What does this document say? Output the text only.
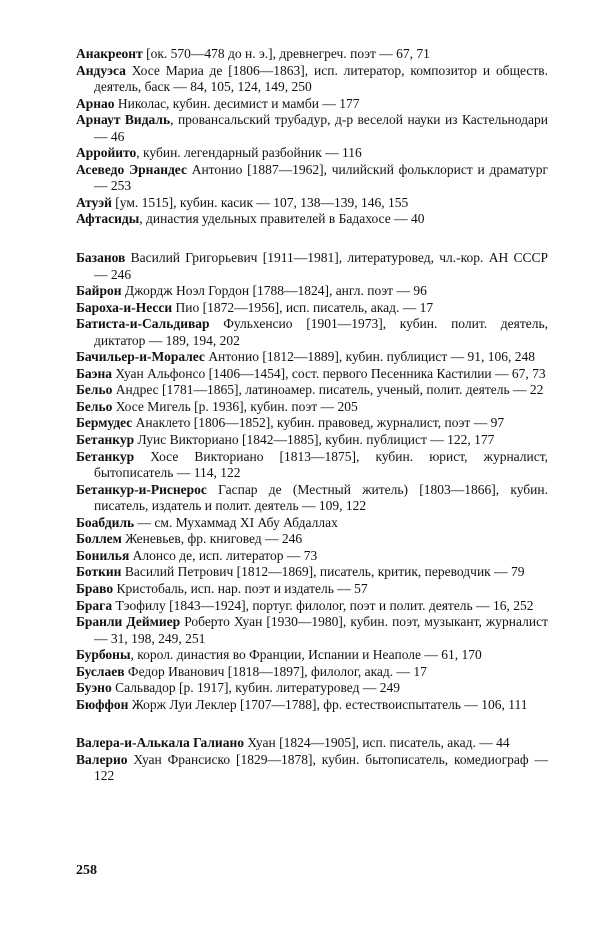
Анакреонт [ок. 570—478 до н. э.], древнегреч. поэт — 67, 71

Андуэса Хосе Мариа де [1806—1863], исп. литератор, композитор и обществ. деятель, баск — 84, 105, 124, 149, 250

Арнао Николас, кубин. десимист и мамби — 177

Арнаут Видаль, провансальский трубадур, д-р веселой науки из Кастельнодари — 46

Арройито, кубин. легендарный разбойник — 116

Асеведо Эрнандес Антонио [1887—1962], чилийский фольклорист и драматург — 253

Атуэй [ум. 1515], кубин. касик — 107, 138—139, 146, 155

Афтасиды, династия удельных правителей в Бадахосе — 40

Базанов Василий Григорьевич [1911—1981], литературовед, чл.-кор. АН СССР — 246

Байрон Джордж Ноэл Гордон [1788—1824], англ. поэт — 96

Бароха-и-Несси Пио [1872—1956], исп. писатель, акад. — 17

Батиста-и-Сальдивар Фульхенсио [1901—1973], кубин. полит. деятель, диктатор — 189, 194, 202

Бачильер-и-Моралес Антонио [1812—1889], кубин. публицист — 91, 106, 248

Баэна Хуан Альфонсо [1406—1454], сост. первого Песенника Кастилии — 67, 73

Бельо Андрес [1781—1865], латиноамер. писатель, ученый, полит. деятель — 22

Бельо Хосе Мигель [р. 1936], кубин. поэт — 205

Бермудес Анаклето [1806—1852], кубин. правовед, журналист, поэт — 97

Бетанкур Луис Викториано [1842—1885], кубин. публицист — 122, 177

Бетанкур Хосе Викториано [1813—1875], кубин. юрист, журналист, бытописатель — 114, 122

Бетанкур-и-Риснерос Гаспар де (Местный житель) [1803—1866], кубин. писатель, издатель и полит. деятель — 109, 122

Боабдиль — см. Мухаммад XI Абу Абдаллах

Боллем Женевьев, фр. книговед — 246

Бонилья Алонсо де, исп. литератор — 73

Боткин Василий Петрович [1812—1869], писатель, критик, переводчик — 79

Браво Кристобаль, исп. нар. поэт и издатель — 57

Брага Тэофилу [1843—1924], португ. филолог, поэт и полит. деятель — 16, 252

Бранли Деймиер Роберто Хуан [1930—1980], кубин. поэт, музыкант, журналист — 31, 198, 249, 251

Бурбоны, корол. династия во Франции, Испании и Неаполе — 61, 170

Буслаев Федор Иванович [1818—1897], филолог, акад. — 17

Буэно Сальвадор [р. 1917], кубин. литературовед — 249

Бюффон Жорж Луи Леклер [1707—1788], фр. естествоиспытатель — 106, 111

Валера-и-Алькала Галиано Хуан [1824—1905], исп. писатель, акад. — 44

Валерио Хуан Франсиско [1829—1878], кубин. бытописатель, комедиограф — 122

258
